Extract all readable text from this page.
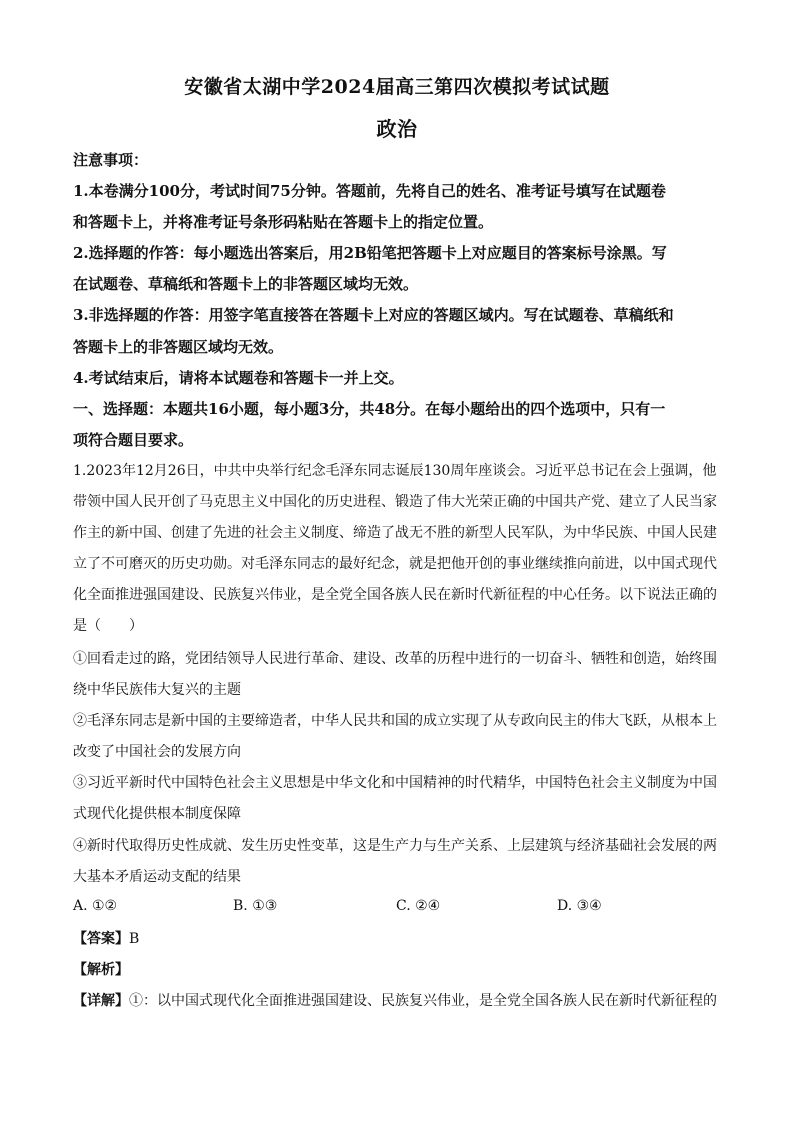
安徽省太湖中学2024届高三第四次模拟考试试题
政治
注意事项：
1.本卷满分100分，考试时间75分钟。答题前，先将自己的姓名、准考证号填写在试题卷
和答题卡上，并将准考证号条形码粘贴在答题卡上的指定位置。
2.选择题的作答：每小题选出答案后，用2B铅笔把答题卡上对应题目的答案标号涂黑。写
在试题卷、草稿纸和答题卡上的非答题区域均无效。
3.非选择题的作答：用签字笔直接答在答题卡上对应的答题区域内。写在试题卷、草稿纸和
答题卡上的非答题区域均无效。
4.考试结束后，请将本试题卷和答题卡一并上交。
一、选择题：本题共16小题，每小题3分，共48分。在每小题给出的四个选项中，只有一
项符合题目要求。
1.2023年12月26日，中共中央举行纪念毛泽东同志诞辰130周年座谈会。习近平总书记在会上强调，他
带领中国人民开创了马克思主义中国化的历史进程、锻造了伟大光荣正确的中国共产党、建立了人民当家
作主的新中国、创建了先进的社会主义制度、缔造了战无不胜的新型人民军队，为中华民族、中国人民建
立了不可磨灭的历史功勋。对毛泽东同志的最好纪念，就是把他开创的事业继续推向前进，以中国式现代
化全面推进强国建设、民族复兴伟业，是全党全国各族人民在新时代新征程的中心任务。以下说法正确的
是（　　）
①回看走过的路，党团结领导人民进行革命、建设、改革的历程中进行的一切奋斗、牺牲和创造，始终围
绕中华民族伟大复兴的主题
②毛泽东同志是新中国的主要缔造者，中华人民共和国的成立实现了从专政向民主的伟大飞跃，从根本上
改变了中国社会的发展方向
③习近平新时代中国特色社会主义思想是中华文化和中国精神的时代精华，中国特色社会主义制度为中国
式现代化提供根本制度保障
④新时代取得历史性成就、发生历史性变革，这是生产力与生产关系、上层建筑与经济基础社会发展的两
大基本矛盾运动支配的结果
A. ①②	B. ①③	C. ②④	D. ③④
【答案】B
【解析】
【详解】①：以中国式现代化全面推进强国建设、民族复兴伟业，是全党全国各族人民在新时代新征程的
